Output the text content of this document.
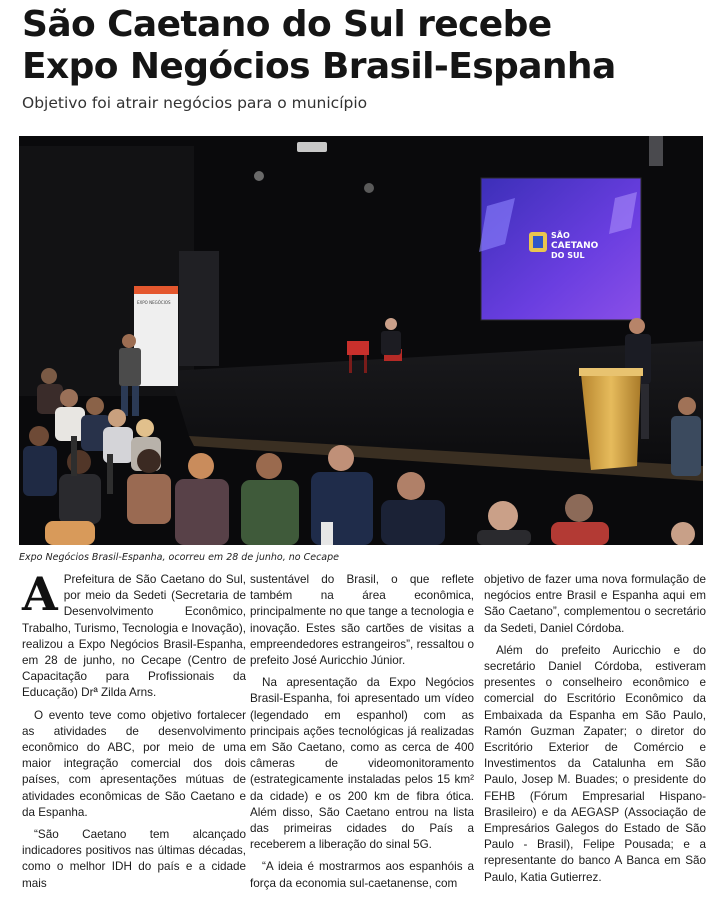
São Caetano do Sul recebe
Expo Negócios Brasil-Espanha

Objetivo foi atrair negócios para o município

SÃO
CAETANO
DO SUL
EXPO NEGÓCIOS

Expo Negócios Brasil-Espanha, ocorreu em 28 de junho, no Cecape

A Prefeitura de São Caetano do Sul, por meio da Sedeti (Secretaria de Desenvolvimento Econômico, Trabalho, Turismo, Tecnologia e Inovação), realizou a Expo Negócios Brasil-Espanha, em 28 de junho, no Cecape (Centro de Capacitação para Profissionais da Educação) Drª Zilda Arns.

O evento teve como objetivo fortalecer as atividades de desenvolvimento econômico do ABC, por meio de uma maior integração comercial dos dois países, com apresentações mútuas de atividades econômicas de São Caetano e da Espanha.

“São Caetano tem alcançado indicadores positivos nas últimas décadas, como o melhor IDH do país e a cidade mais

sustentável do Brasil, o que reflete também na área econômica, principalmente no que tange a tecnologia e inovação. Estes são cartões de visitas a empreendedores estrangeiros”, ressaltou o prefeito José Auricchio Júnior.

Na apresentação da Expo Negócios Brasil-Espanha, foi apresentado um vídeo (legendado em espanhol) com as principais ações tecnológicas já realizadas em São Caetano, como as cerca de 400 câmeras de videomonitoramento (estrategicamente instaladas pelos 15 km² da cidade) e os 200 km de fibra ótica. Além disso, São Caetano entrou na lista das primeiras cidades do País a receberem a liberação do sinal 5G.

“A ideia é mostrarmos aos espanhóis a força da economia sul-caetanense, com

objetivo de fazer uma nova formulação de negócios entre Brasil e Espanha aqui em São Caetano”, complementou o secretário da Sedeti, Daniel Córdoba.

Além do prefeito Auricchio e do secretário Daniel Córdoba, estiveram presentes o conselheiro econômico e comercial do Escritório Econômico da Embaixada da Espanha em São Paulo, Ramón Guzman Zapater; o diretor do Escritório Exterior de Comércio e Investimentos da Catalunha em São Paulo, Josep M. Buades; o presidente do FEHB (Fórum Empresarial Hispano-Brasileiro) e da AEGASP (Associação de Empresários Galegos do Estado de São Paulo - Brasil), Felipe Pousada; e a representante do banco A Banca em São Paulo, Katia Gutierrez.
